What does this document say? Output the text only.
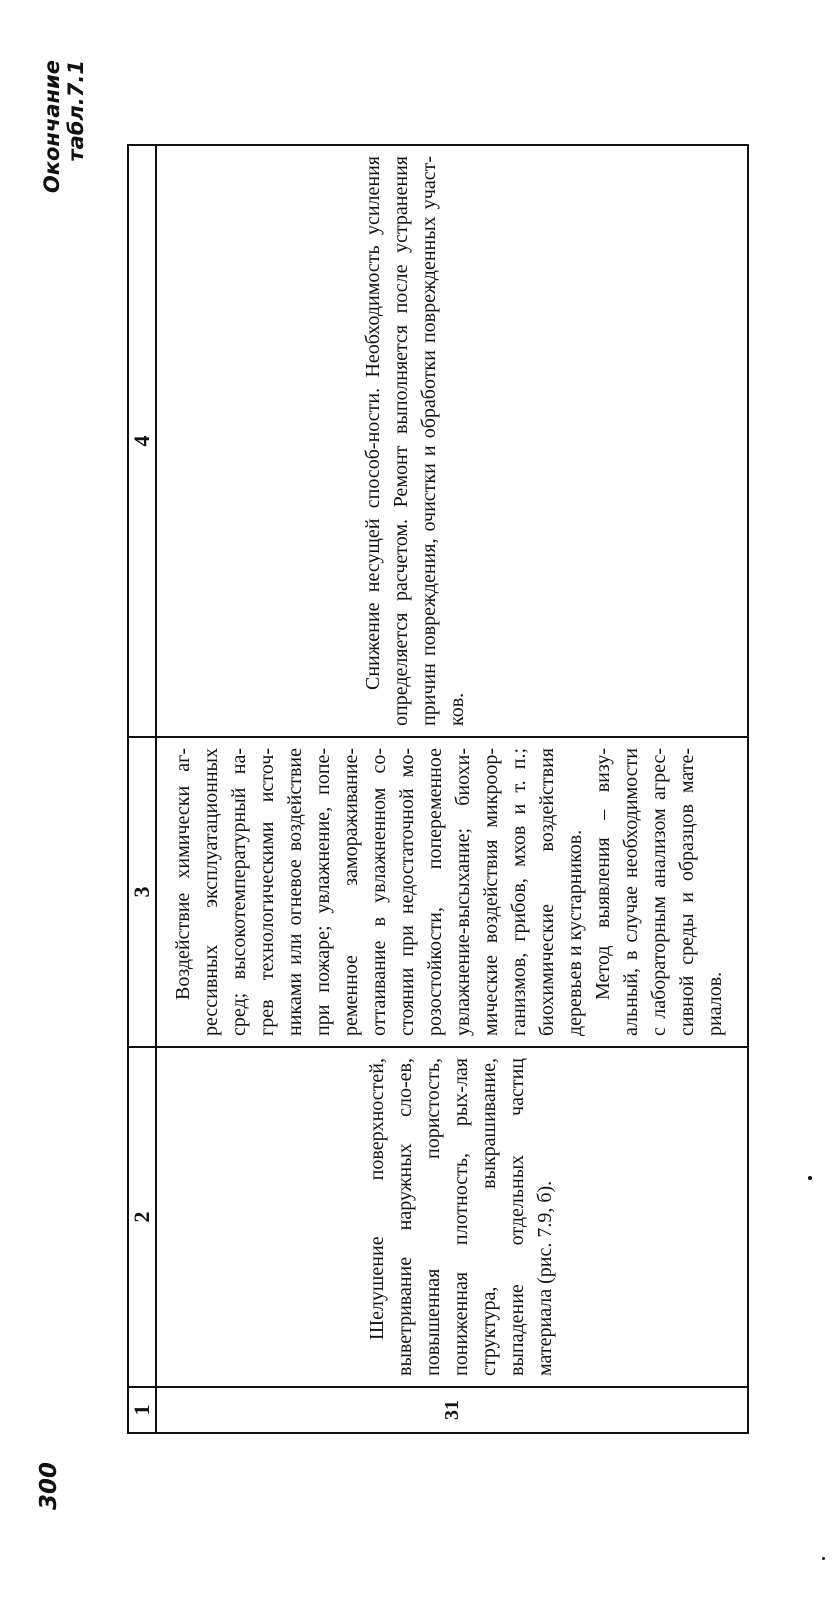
Окончание табл.7.1
1	2	3	4
31	Шелушение поверхностей, выветривание наружных сло-ев, повышенная пористость, пониженная плотность, рых-лая структура, выкрашивание, выпадение отдельных частиц материала (рис. 7.9, б).	Воздействие химически аг-рессивных эксплуатационных сред; высокотемпературный на-грев технологическими источ-никами или огневое воздействие при пожаре; увлажнение, попе-ременное замораживание-оттаивание в увлажненном со-стоянии при недостаточной мо-розостойкости, попеременное увлажнение-высыхание; биохи-мические воздействия микроор-ганизмов, грибов, мхов и т. п.; биохимические воздействия деревьев и кустарников. Метод выявления – визу-альный, в случае необходимости с лабораторным анализом агрес-сивной среды и образцов мате-риалов.	Снижение несущей способ-ности. Необходимость усиления определяется расчетом. Ремонт выполняется после устранения причин повреждения, очистки и обработки поврежденных участ-ков.

300
